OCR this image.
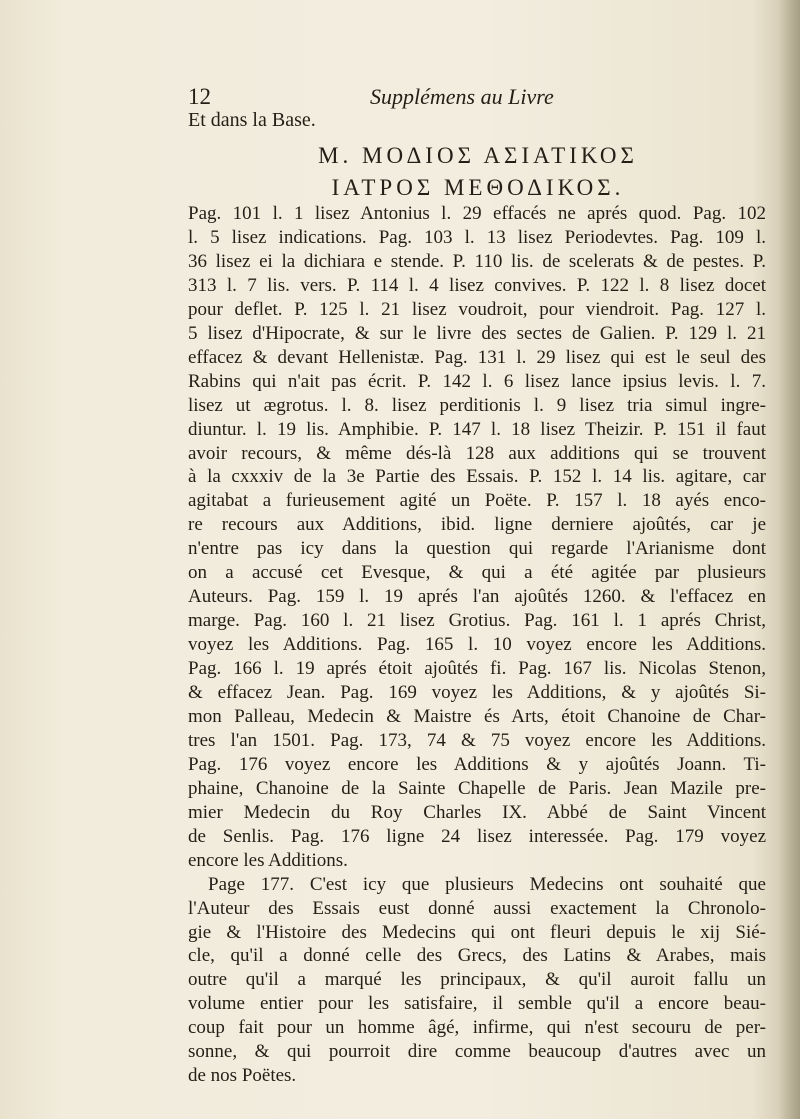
12	Supplémens au Livre
Et dans la Base.
M. ΜΟΔΙΟΣ ΑΣΙΑΤΙΚΟΣ
ΙΑΤΡΟΣ ΜΕΘΟΔΙΚΟΣ.
Pag. 101 l. 1 lisez Antonius l. 29 effacés ne aprés quod. Pag. 102
l. 5 lisez indications. Pag. 103 l. 13 lisez Periodevtes. Pag. 109 l.
36 lisez ei la dichiara e stende. P. 110 lis. de scelerats & de pestes. P.
313 l. 7 lis. vers. P. 114 l. 4 lisez convives. P. 122 l. 8 lisez docet
pour deflet. P. 125 l. 21 lisez voudroit, pour viendroit. Pag. 127 l.
5 lisez d'Hipocrate, & sur le livre des sectes de Galien. P. 129 l. 21
effacez & devant Hellenistæ. Pag. 131 l. 29 lisez qui est le seul des
Rabins qui n'ait pas écrit. P. 142 l. 6 lisez lance ipsius levis. l. 7.
lisez ut ægrotus. l. 8. lisez perditionis l. 9 lisez tria simul ingre-
diuntur. l. 19 lis. Amphibie. P. 147 l. 18 lisez Theizir. P. 151 il faut
avoir recours, & même dés-là 128 aux additions qui se trouvent
à la cxxxiv de la 3e Partie des Essais. P. 152 l. 14 lis. agitare, car
agitabat a furieusement agité un Poëte. P. 157 l. 18 ayés enco-
re recours aux Additions, ibid. ligne derniere ajoûtés, car je
n'entre pas icy dans la question qui regarde l'Arianisme dont
on a accusé cet Evesque, & qui a été agitée par plusieurs
Auteurs. Pag. 159 l. 19 aprés l'an ajoûtés 1260. & l'effacez en
marge. Pag. 160 l. 21 lisez Grotius. Pag. 161 l. 1 aprés Christ,
voyez les Additions. Pag. 165 l. 10 voyez encore les Additions.
Pag. 166 l. 19 aprés étoit ajoûtés fi. Pag. 167 lis. Nicolas Stenon,
& effacez Jean. Pag. 169 voyez les Additions, & y ajoûtés Si-
mon Palleau, Medecin & Maistre és Arts, étoit Chanoine de Char-
tres l'an 1501. Pag. 173, 74 & 75 voyez encore les Additions.
Pag. 176 voyez encore les Additions & y ajoûtés Joann. Ti-
phaine, Chanoine de la Sainte Chapelle de Paris. Jean Mazile pre-
mier Medecin du Roy Charles IX. Abbé de Saint Vincent
de Senlis. Pag. 176 ligne 24 lisez interessée. Pag. 179 voyez
encore les Additions.
Page 177. C'est icy que plusieurs Medecins ont souhaité que
l'Auteur des Essais eust donné aussi exactement la Chronolo-
gie & l'Histoire des Medecins qui ont fleuri depuis le xij Sié-
cle, qu'il a donné celle des Grecs, des Latins & Arabes, mais
outre qu'il a marqué les principaux, & qu'il auroit fallu un
volume entier pour les satisfaire, il semble qu'il a encore beau-
coup fait pour un homme âgé, infirme, qui n'est secouru de per-
sonne, & qui pourroit dire comme beaucoup d'autres avec un
de nos Poëtes.
